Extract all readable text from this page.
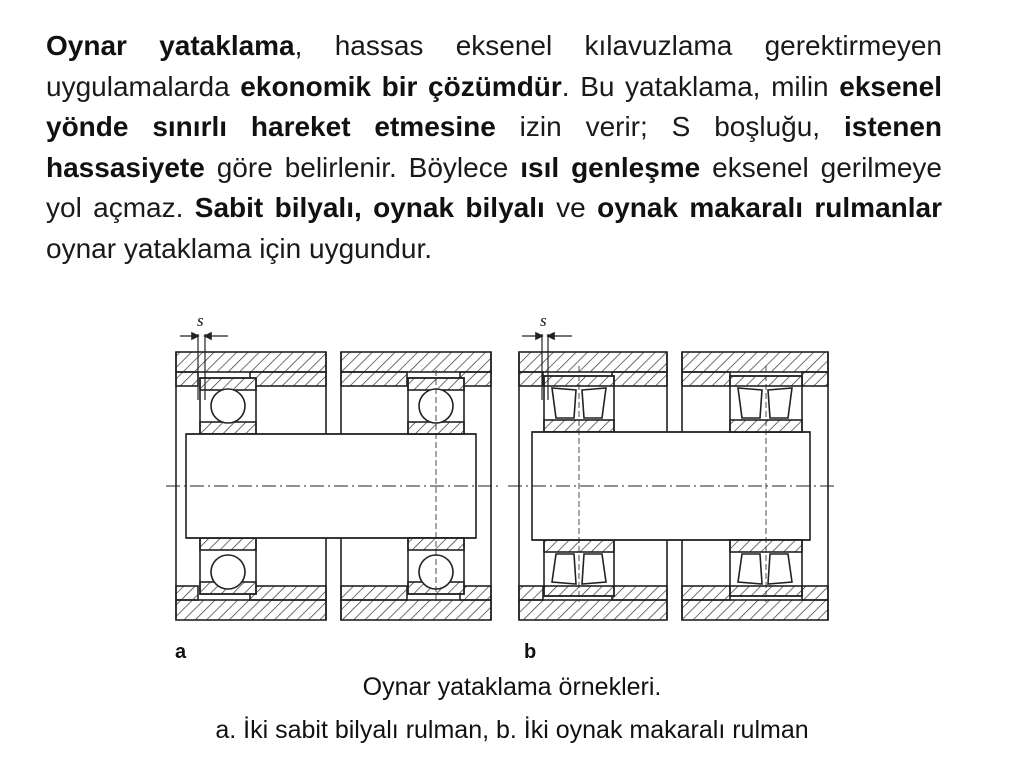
Oynar yataklama, hassas eksenel kılavuzlama gerektirmeyen uygulamalarda ekonomik bir çözümdür. Bu yataklama, milin eksenel yönde sınırlı hareket etmesine izin verir; S boşluğu, istenen hassasiyete göre belirlenir. Böylece ısıl genleşme eksenel gerilmeye yol açmaz. Sabit bilyalı, oynak bilyalı ve oynak makaralı rulmanlar oynar yataklama için uygundur.
s	s
a	b
Oynar yataklama örnekleri.
a. İki sabit bilyalı rulman, b. İki oynak makaralı rulman
